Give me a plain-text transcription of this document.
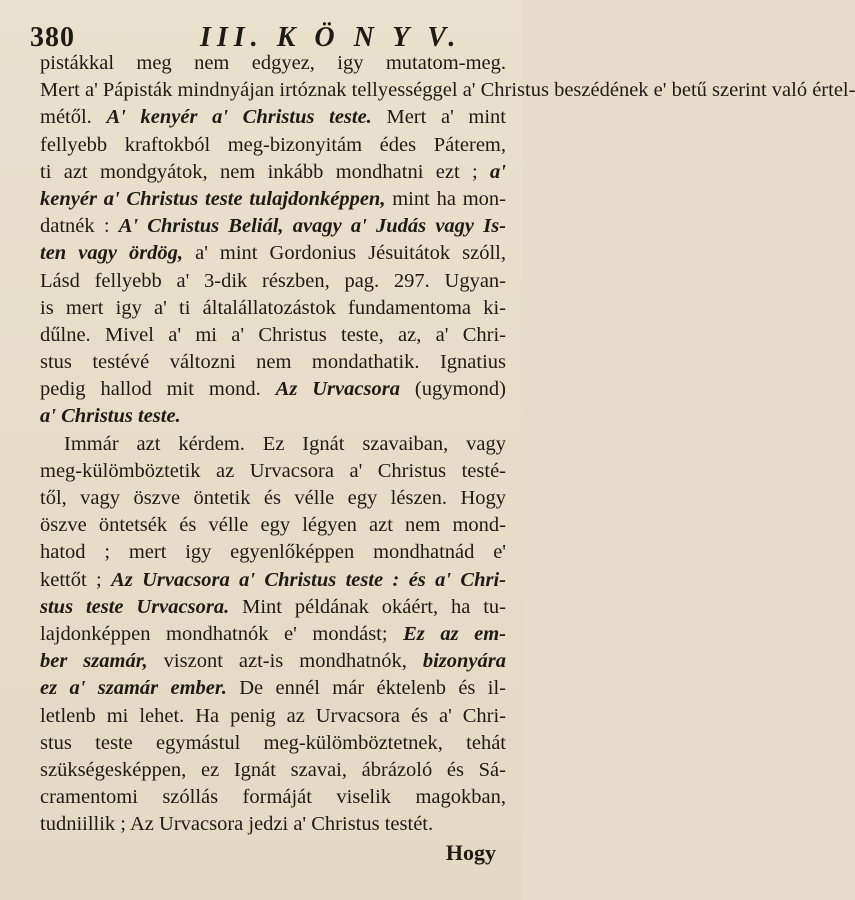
380	III. K Ö N Y V.
pistákkal meg nem edgyez, igy mutatom-meg.
Mert a' Pápisták mindnyájan irtóznak tellyességgel a' Christus beszédének e' betű szerint való értel-
métől. A' kenyér a' Christus teste. Mert a' mint
fellyebb kraftokból meg-bizonyitám édes Páterem,
ti azt mondgyátok, nem inkább mondhatni ezt ; a'
kenyér a' Christus teste tulajdonképpen, mint ha mon-
datnék : A' Christus Beliál, avagy a' Judás vagy Is-
ten vagy ördög, a' mint Gordonius Jésuitátok szóll,
Lásd fellyebb a' 3-dik részben, pag. 297. Ugyan-
is mert igy a' ti általállatozástok fundamentoma ki-
dűlne. Mivel a' mi a' Christus teste, az, a' Chri-
stus testévé változni nem mondathatik. Ignatius
pedig hallod mit mond. Az Urvacsora (ugymond)
a' Christus teste.
Immár azt kérdem. Ez Ignát szavaiban, vagy
meg-külömböztetik az Urvacsora a' Christus testé-
től, vagy öszve öntetik és vélle egy lészen. Hogy
öszve öntetsék és vélle egy légyen azt nem mond-
hatod ; mert igy egyenlőképpen mondhatnád e'
kettőt ; Az Urvacsora a' Christus teste : és a' Chri-
stus teste Urvacsora. Mint példának okáért, ha tu-
lajdonképpen mondhatnók e' mondást; Ez az em-
ber szamár, viszont azt-is mondhatnók, bizonyára
ez a' szamár ember. De ennél már éktelenb és il-
letlenb mi lehet. Ha penig az Urvacsora és a' Chri-
stus teste egymástul meg-külömböztetnek, tehát
szükségesképpen, ez Ignát szavai, ábrázoló és Sá-
cramentomi szóllás formáját viselik magokban,
tudniillik ; Az Urvacsora jedzi a' Christus testét.
Hogy
